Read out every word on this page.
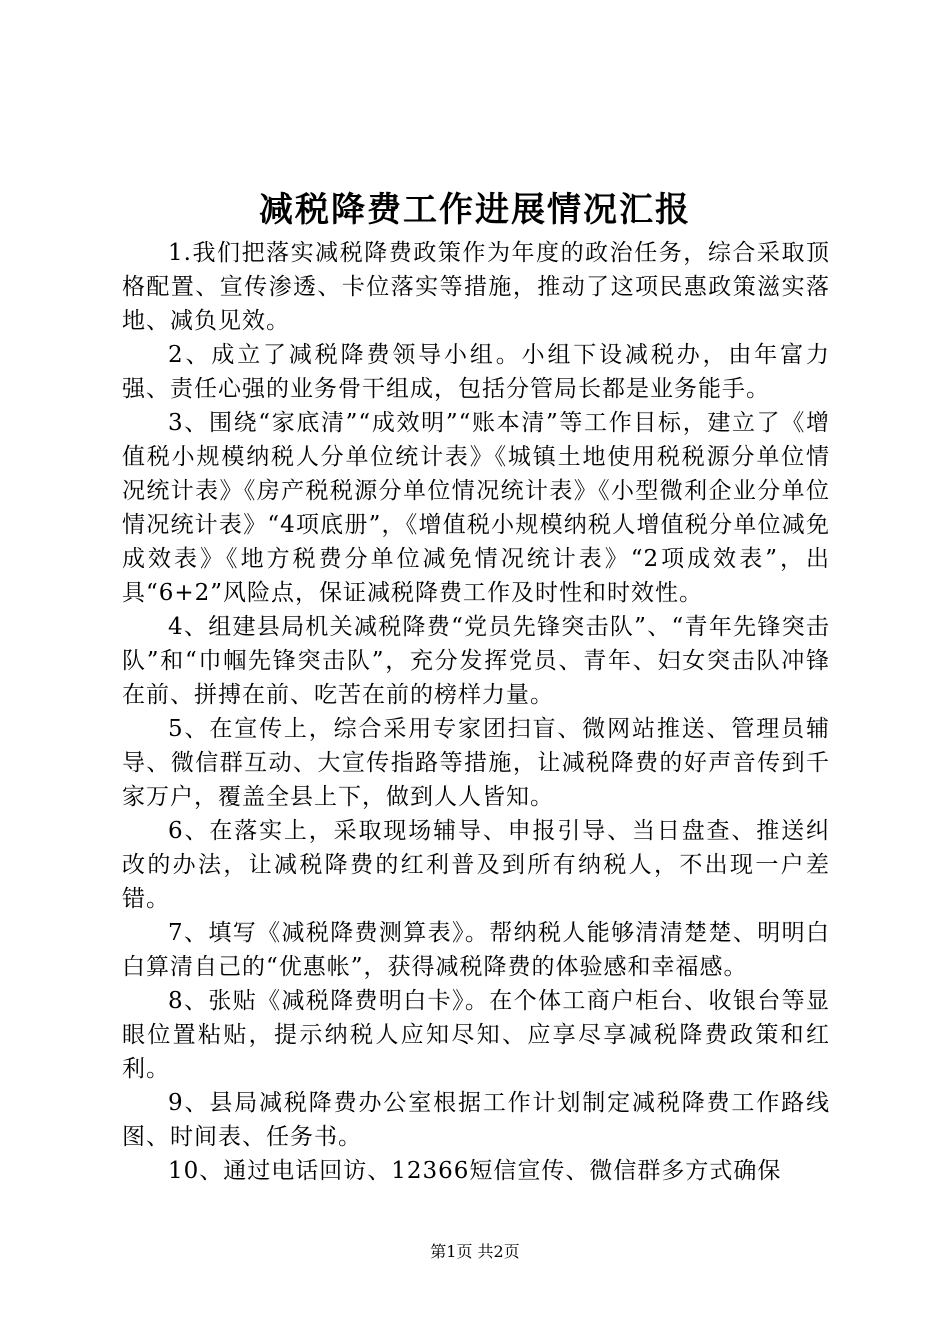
减税降费工作进展情况汇报

1.我们把落实减税降费政策作为年度的政治任务，综合采取顶格配置、宣传渗透、卡位落实等措施，推动了这项民惠政策滋实落地、减负见效。

2、成立了减税降费领导小组。小组下设减税办，由年富力强、责任心强的业务骨干组成，包括分管局长都是业务能手。

3、围绕“家底清”“成效明”“账本清”等工作目标，建立了《增值税小规模纳税人分单位统计表》《城镇土地使用税税源分单位情况统计表》《房产税税源分单位情况统计表》《小型微利企业分单位情况统计表》“4项底册”，《增值税小规模纳税人增值税分单位减免成效表》《地方税费分单位减免情况统计表》“2项成效表”，出具“6+2”风险点，保证减税降费工作及时性和时效性。

4、组建县局机关减税降费“党员先锋突击队”、“青年先锋突击队”和“巾帼先锋突击队”，充分发挥党员、青年、妇女突击队冲锋在前、拼搏在前、吃苦在前的榜样力量。

5、在宣传上，综合采用专家团扫盲、微网站推送、管理员辅导、微信群互动、大宣传指路等措施，让减税降费的好声音传到千家万户，覆盖全县上下，做到人人皆知。

6、在落实上，采取现场辅导、申报引导、当日盘查、推送纠改的办法，让减税降费的红利普及到所有纳税人，不出现一户差错。

7、填写《减税降费测算表》。帮纳税人能够清清楚楚、明明白白算清自己的“优惠帐”，获得减税降费的体验感和幸福感。

8、张贴《减税降费明白卡》。在个体工商户柜台、收银台等显眼位置粘贴，提示纳税人应知尽知、应享尽享减税降费政策和红利。

9、县局减税降费办公室根据工作计划制定减税降费工作路线图、时间表、任务书。

10、通过电话回访、12366短信宣传、微信群多方式确保

第1页 共2页
